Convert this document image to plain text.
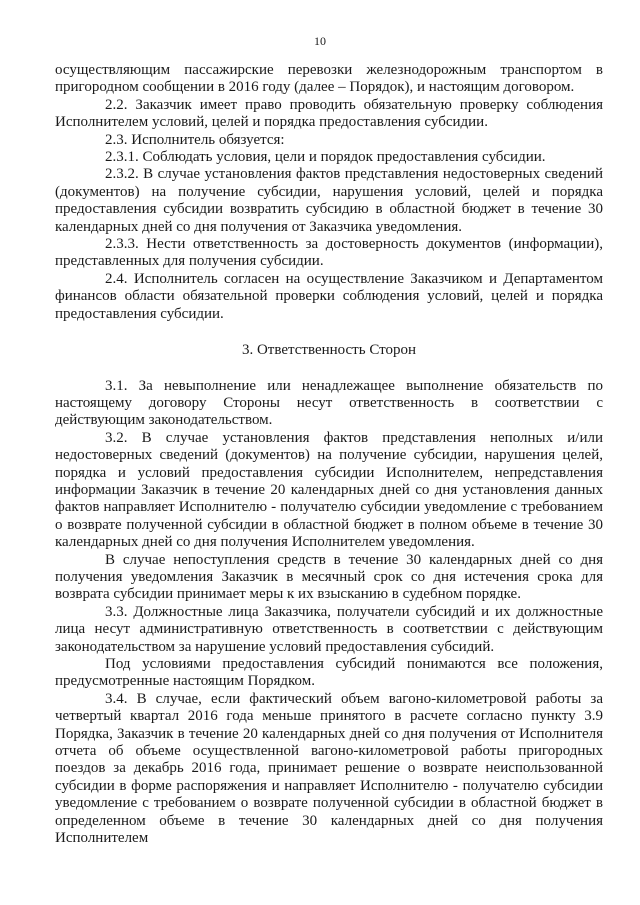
10

осуществляющим пассажирские перевозки железнодорожным транспортом в пригородном сообщении в 2016 году (далее – Порядок), и настоящим договором.

2.2. Заказчик имеет право проводить обязательную проверку соблюдения Исполнителем условий, целей и порядка предоставления субсидии.

2.3. Исполнитель обязуется:

2.3.1. Соблюдать условия, цели и порядок предоставления субсидии.

2.3.2. В случае установления фактов представления недостоверных сведений (документов) на получение субсидии, нарушения условий, целей и порядка предоставления субсидии возвратить субсидию в областной бюджет в течение 30 календарных дней со дня получения от Заказчика уведомления.

2.3.3. Нести ответственность за достоверность документов (информации), представленных для получения субсидии.

2.4. Исполнитель согласен на осуществление Заказчиком и Департаментом финансов области обязательной проверки соблюдения условий, целей и порядка предоставления субсидии.

3. Ответственность Сторон

3.1. За невыполнение или ненадлежащее выполнение обязательств по настоящему договору Стороны несут ответственность в соответствии с действующим законодательством.

3.2. В случае установления фактов представления неполных и/или недостоверных сведений (документов) на получение субсидии, нарушения целей, порядка и условий предоставления субсидии Исполнителем, непредставления информации Заказчик в течение 20 календарных дней со дня установления данных фактов направляет Исполнителю - получателю субсидии уведомление с требованием о возврате полученной субсидии в областной бюджет в полном объеме в течение 30 календарных дней со дня получения Исполнителем уведомления.

В случае непоступления средств в течение 30 календарных дней со дня получения уведомления Заказчик в месячный срок со дня истечения срока для возврата субсидии принимает меры к их взысканию в судебном порядке.

3.3. Должностные лица Заказчика, получатели субсидий и их должностные лица несут административную ответственность в соответствии с действующим законодательством за нарушение условий предоставления субсидий.

Под условиями предоставления субсидий понимаются все положения, предусмотренные настоящим Порядком.

3.4. В случае, если фактический объем вагоно-километровой работы за четвертый квартал 2016 года меньше принятого в расчете согласно пункту 3.9 Порядка, Заказчик в течение 20 календарных дней со дня получения от Исполнителя отчета об объеме осуществленной вагоно-километровой работы пригородных поездов за декабрь 2016 года, принимает решение о возврате неиспользованной субсидии в форме распоряжения и направляет Исполнителю - получателю субсидии уведомление с требованием о возврате полученной субсидии в областной бюджет в определенном объеме в течение 30 календарных дней со дня получения Исполнителем
